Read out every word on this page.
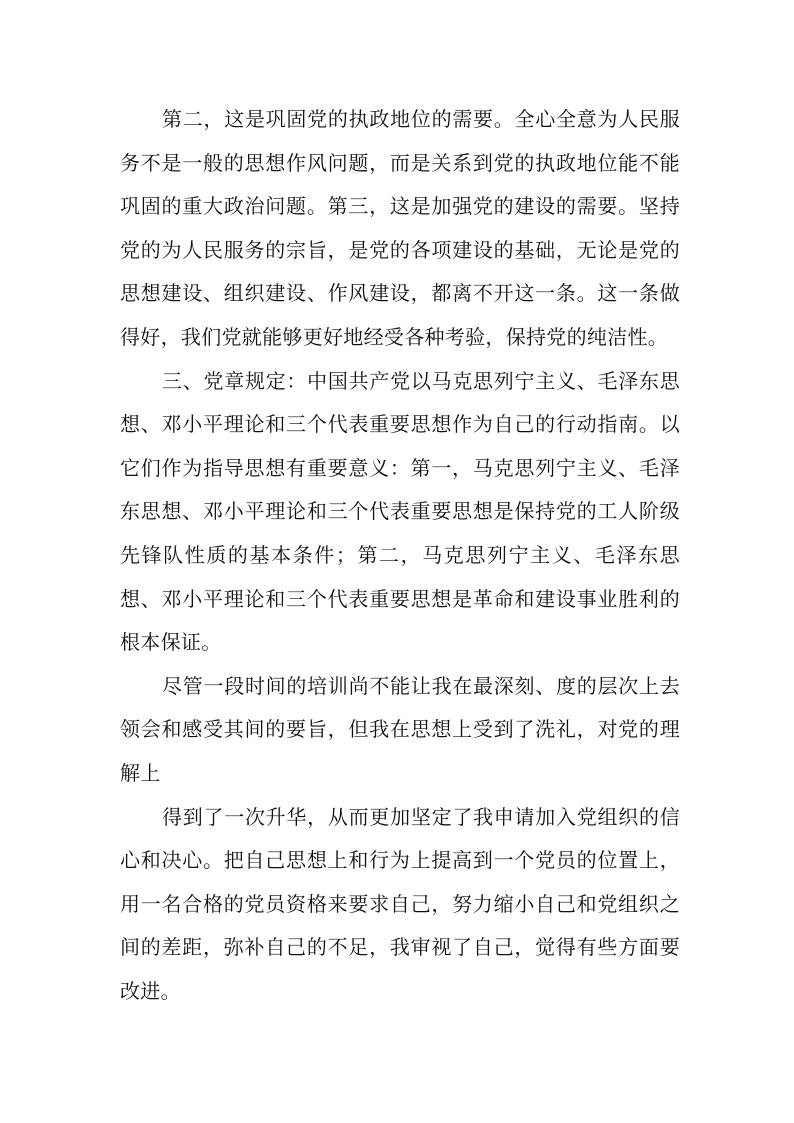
第二，这是巩固党的执政地位的需要。全心全意为人民服务不是一般的思想作风问题，而是关系到党的执政地位能不能巩固的重大政治问题。第三，这是加强党的建设的需要。坚持党的为人民服务的宗旨，是党的各项建设的基础，无论是党的思想建设、组织建设、作风建设，都离不开这一条。这一条做得好，我们党就能够更好地经受各种考验，保持党的纯洁性。

三、党章规定：中国共产党以马克思列宁主义、毛泽东思想、邓小平理论和三个代表重要思想作为自己的行动指南。以它们作为指导思想有重要意义：第一，马克思列宁主义、毛泽东思想、邓小平理论和三个代表重要思想是保持党的工人阶级先锋队性质的基本条件；第二，马克思列宁主义、毛泽东思想、邓小平理论和三个代表重要思想是革命和建设事业胜利的根本保证。

尽管一段时间的培训尚不能让我在最深刻、度的层次上去领会和感受其间的要旨，但我在思想上受到了洗礼，对党的理解上

得到了一次升华，从而更加坚定了我申请加入党组织的信心和决心。把自己思想上和行为上提高到一个党员的位置上，用一名合格的党员资格来要求自己，努力缩小自己和党组织之间的差距，弥补自己的不足，我审视了自己，觉得有些方面要改进。
